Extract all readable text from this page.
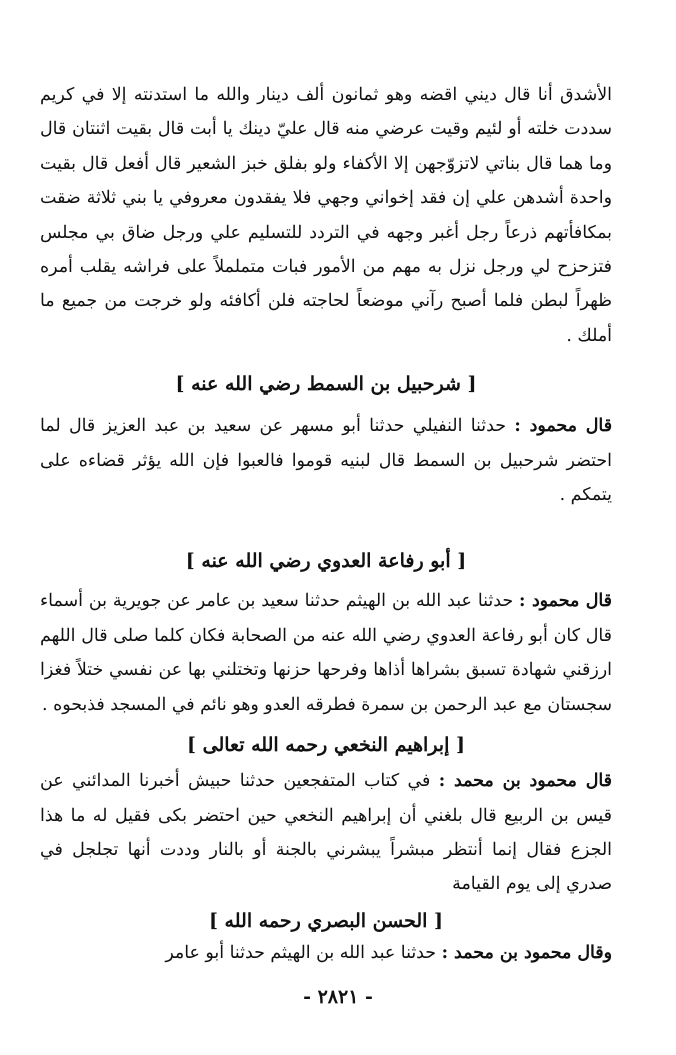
الأشدق أنا قال ديني اقضه وهو ثمانون ألف دينار والله ما استدنته إلا في كريم سددت خلته أو لئيم وقيت عرضي منه قال عليّ دينك يا أبت قال بقيت اثنتان قال وما هما قال بناتي لاتزوّجهن إلا الأكفاء ولو بفلق خبز الشعير قال أفعل قال بقيت واحدة أشدهن علي إن فقد إخواني وجهي فلا يفقدون معروفي يا بني ثلاثة ضقت بمكافأتهم ذرعاً رجل أغبر وجهه في التردد للتسليم علي ورجل ضاق بي مجلس فتزحزح لي ورجل نزل به مهم من الأمور فبات متململاً على فراشه يقلب أمره ظهراً لبطن فلما أصبح رآني موضعاً لحاجته فلن أكافئه ولو خرجت من جميع ما أملك .

[ شرحبيل بن السمط رضي الله عنه ]

قال محمود : حدثنا النفيلي حدثنا أبو مسهر عن سعيد بن عبد العزيز قال لما احتضر شرحبيل بن السمط قال لبنيه قوموا فالعبوا فإن الله يؤثر قضاءه على يتمكم .

[ أبو رفاعة العدوي رضي الله عنه ]

قال محمود : حدثنا عبد الله بن الهيثم حدثنا سعيد بن عامر عن جويرية بن أسماء قال كان أبو رفاعة العدوي رضي الله عنه من الصحابة فكان كلما صلى قال اللهم ارزقني شهادة تسبق بشراها أذاها وفرحها حزنها وتختلني بها عن نفسي ختلاً فغزا سجستان مع عبد الرحمن بن سمرة فطرقه العدو وهو نائم في المسجد فذبحوه .

[ إبراهيم النخعي رحمه الله تعالى ]

قال محمود بن محمد : في كتاب المتفجعين حدثنا حبيش أخبرنا المدائني عن قيس بن الربيع قال بلغني أن إبراهيم النخعي حين احتضر بكى فقيل له ما هذا الجزع فقال إنما أنتظر مبشراً يبشرني بالجنة أو بالنار وددت أنها تجلجل في صدري إلى يوم القيامة

[ الحسن البصري رحمه الله ]

وقال محمود بن محمد : حدثنا عبد الله بن الهيثم حدثنا أبو عامر

- ٢٨٢١ -
